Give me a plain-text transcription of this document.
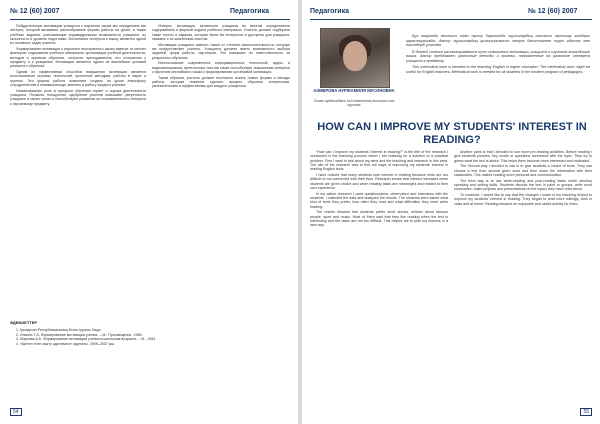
№ 12 (60) 2007	Педагогика

Побудительную мотивацию учащихся к изучению языка мы определяем как интерес, который вызывают разнообразные формы работы на уроке, а также учебные задания, учитывающие индивидуальные возможности учащихся, их склонности и уровень подготовки. Воспитание интереса к языку является одной из основных задач учителя.

Формирование мотивации к изучению иностранного языка зависит от многих факторов: содержания учебного материала, организации учебной деятельности, методов и приемов обучения, личности преподавателя, его отношения к предмету и к учащимся. Мотивация является одним из важнейших условий успешного обучения.

Одним из эффективных способов повышения мотивации является использование игровых технологий, проектной методики, работы в парах и группах. Эти формы работы позволяют создать на уроке атмосферу сотрудничества и взаимопомощи, вовлечь в работу каждого ученика.

Немаловажную роль в процессе обучения играет и оценка деятельности учащихся. Похвала, поощрение, одобрение успехов повышают уверенность учащихся в своих силах и способствуют развитию их познавательного интереса к изучаемому предмету.

Интерес, мотивация, активность учащихся во многом определяются содержанием и формой подачи учебного материала. Учитель должен подбирать такие тексты и задания, которые были бы интересны и доступны для учащихся, связаны с их жизненным опытом.

Мотивация учащихся зависит также от степени самостоятельности, которую им предоставляет учитель. Учащиеся должны иметь возможность выбора заданий, форм работы, партнеров. Это повышает их ответственность за результаты обучения.

Использование современных информационных технологий, аудио- и видеоматериалов, аутентичных текстов также способствует повышению интереса к изучению английского языка и формированию устойчивой мотивации.

Таким образом, учитель должен постоянно искать новые формы и методы работы, которые позволят сделать процесс обучения интересным, увлекательным и эффективным для каждого учащегося.

ӘДЕБИЕТТЕР
1. Қазақстан Республикасының Білім туралы Заңы.
2. Ильина Т.А. Формирование мотивации учения. – М.: Просвещение, 1985.
3. Маркова А.К. Формирование мотивации учения в школьном возрасте. – М., 1983.
4. «Шетел тілін оқыту әдістемесі» журналы, 2006–2007 жж.
54
Педагогика	№ 12 (60) 2007
АХМЕРОВА НУРЖАМИЛЯ МУСИНОВНА
Осман ауданындағы №5 мектептің ағылшын тілі мұғалімі

Бұл мақалада ағылшын тілін оқыту барысында оқушылардың ынтасын арттыру жолдары қарастырылады. Автор оқушылардың қызығушылығын оятуға бағытталған түрлі әдістер мен тәсілдерді ұсынады.

В данной статье рассматриваются пути повышения мотивации учащихся к изучению английского языка. Автор предлагает различные методы и приемы, направленные на развитие интереса учащихся к предмету.

This methodical work is devoted to the teaching English in higher education. The methodical work might be useful for English teachers. Methodical work is needed for all students in the modern program of pedagogics.

HOW CAN I IMPROVE MY STUDENTS' INTEREST IN READING?

"How can I improve my students' interest in reading?" is the title of the research I conducted in the teaching process which I am realizing for a solution to a practical problem. First I want to talk about my aims and the teaching and research in this area. The aim of the research was to find out ways of improving my students' interest in reading English texts.

I have noticed that many students lose interest in reading because texts are too difficult or not connected with their lives. Research shows that interest increases when students are given choice and when reading tasks are meaningful and related to their own experience.

In my action research I used questionnaires, observation and interviews with the students. I collected the data and analyzed the results. The students were asked what kind of texts they prefer, how often they read and what difficulties they meet while reading.

The results showed that students prefer short stories, articles about famous people, sport and music. Most of them said that they like reading when the text is interesting and the tasks are not too difficult. This helped me to plan my lessons in a new way.

Another point is that I decided to use more pre-reading activities. Before reading I give students pictures, key words or questions connected with the topic. They try to guess what the text is about. This helps them become more interested and motivated.

The Second way I decided to use is to give students a choice of texts. They can choose a text from several given ones and then share the information with their classmates. This makes reading more personal and communicative.

The third way is to use while-reading and post-reading tasks which develop speaking and writing skills. Students discuss the text in pairs or groups, write short summaries, make projects and presentations on the topics they have read about.

To conclude, I would like to say that the changes I made in my teaching helped to improve my students' interest in reading. They began to read more willingly, both in class and at home. Reading became an enjoyable and useful activity for them.

55
